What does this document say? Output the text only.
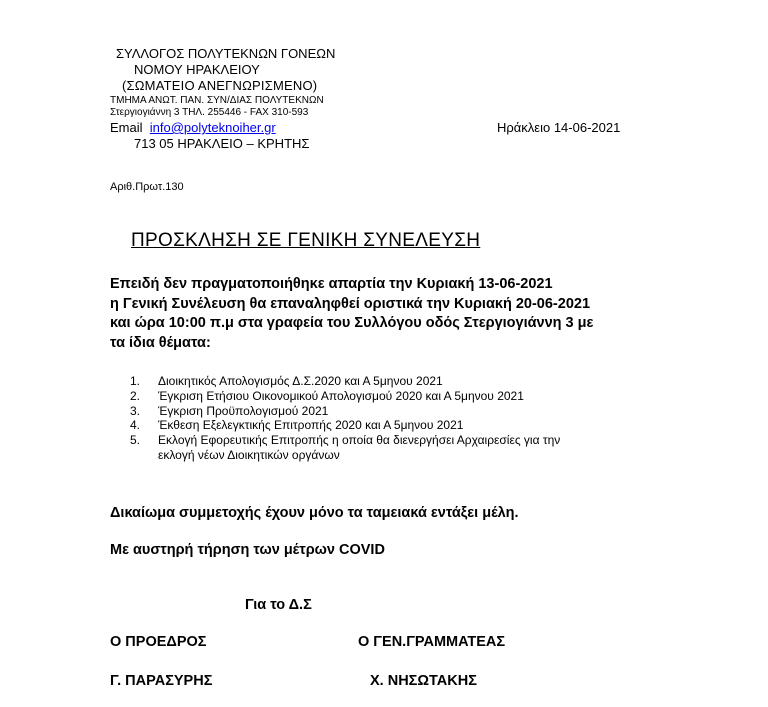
ΣΥΛΛΟΓΟΣ ΠΟΛΥΤΕΚΝΩΝ ΓΟΝΕΩΝ
ΝΟΜΟΥ ΗΡΑΚΛΕΙΟΥ
(ΣΩΜΑΤΕΙΟ ΑΝΕΓΝΩΡΙΣΜΕΝΟ)
ΤΜΗΜΑ ΑΝΩΤ. ΠΑΝ. ΣΥΝ/ΔΙΑΣ ΠΟΛΥΤΕΚΝΩΝ
Στεργιογιάννη 3 ΤΗΛ. 255446 - FAX 310-593
Email info@polyteknoiher.gr
713 05 ΗΡΑΚΛΕΙΟ – ΚΡΗΤΗΣ
Ηράκλειο 14-06-2021
Αριθ.Πρωτ.130
ΠΡΟΣΚΛΗΣΗ ΣΕ ΓΕΝΙΚΗ ΣΥΝΕΛΕΥΣΗ
Επειδή δεν πραγματοποιήθηκε απαρτία την Κυριακή 13-06-2021
η Γενική Συνέλευση θα επαναληφθεί οριστικά την Κυριακή 20-06-2021
και ώρα 10:00 π.μ στα γραφεία του Συλλόγου οδός Στεργιογιάννη 3 με
τα ίδια θέματα:
1. Διοικητικός Απολογισμός Δ.Σ.2020 και Α 5μηνου 2021
2. Έγκριση Ετήσιου Οικονομικού Απολογισμού 2020 και Α 5μηνου 2021
3. Έγκριση Προϋπολογισμού 2021
4. Έκθεση Εξελεγκτικής Επιτροπής 2020 και Α 5μηνου 2021
5. Εκλογή Εφορευτικής Επιτροπής η οποία θα διενεργήσει Αρχαιρεσίες για την
εκλογή νέων Διοικητικών οργάνων
Δικαίωμα συμμετοχής έχουν μόνο τα ταμειακά εντάξει μέλη.
Με αυστηρή τήρηση των μέτρων COVID
Για το Δ.Σ
Ο ΠΡΟΕΔΡΟΣ	Ο ΓΕΝ.ΓΡΑΜΜΑΤΕΑΣ
Γ. ΠΑΡΑΣΥΡΗΣ	Χ. ΝΗΣΩΤΑΚΗΣ
